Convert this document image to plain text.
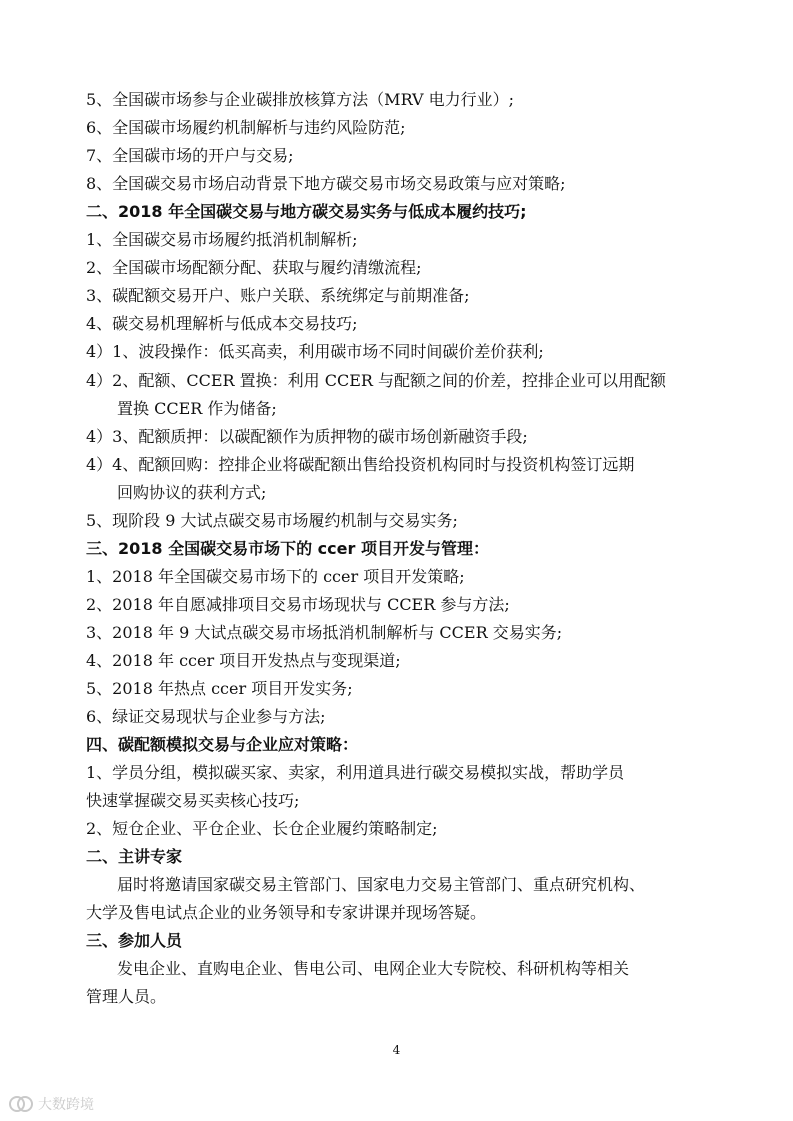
5、全国碳市场参与企业碳排放核算方法（MRV 电力行业）;
6、全国碳市场履约机制解析与违约风险防范;
7、全国碳市场的开户与交易;
8、全国碳交易市场启动背景下地方碳交易市场交易政策与应对策略;
二、2018 年全国碳交易与地方碳交易实务与低成本履约技巧;
1、全国碳交易市场履约抵消机制解析;
2、全国碳市场配额分配、获取与履约清缴流程;
3、碳配额交易开户、账户关联、系统绑定与前期准备;
4、碳交易机理解析与低成本交易技巧;
4）1、波段操作：低买高卖，利用碳市场不同时间碳价差价获利;
4）2、配额、CCER 置换：利用 CCER 与配额之间的价差，控排企业可以用配额
置换 CCER 作为储备;
4）3、配额质押：以碳配额作为质押物的碳市场创新融资手段;
4）4、配额回购：控排企业将碳配额出售给投资机构同时与投资机构签订远期
回购协议的获利方式;
5、现阶段 9 大试点碳交易市场履约机制与交易实务;
三、2018 全国碳交易市场下的 ccer 项目开发与管理：
1、2018 年全国碳交易市场下的 ccer 项目开发策略;
2、2018 年自愿减排项目交易市场现状与 CCER 参与方法;
3、2018 年 9 大试点碳交易市场抵消机制解析与 CCER 交易实务;
4、2018 年 ccer 项目开发热点与变现渠道;
5、2018 年热点 ccer 项目开发实务;
6、绿证交易现状与企业参与方法;
四、碳配额模拟交易与企业应对策略：
1、学员分组，模拟碳买家、卖家，利用道具进行碳交易模拟实战，帮助学员
快速掌握碳交易买卖核心技巧;
2、短仓企业、平仓企业、长仓企业履约策略制定;
二、主讲专家
届时将邀请国家碳交易主管部门、国家电力交易主管部门、重点研究机构、
大学及售电试点企业的业务领导和专家讲课并现场答疑。
三、参加人员
发电企业、直购电企业、售电公司、电网企业大专院校、科研机构等相关
管理人员。
4
大数跨境
